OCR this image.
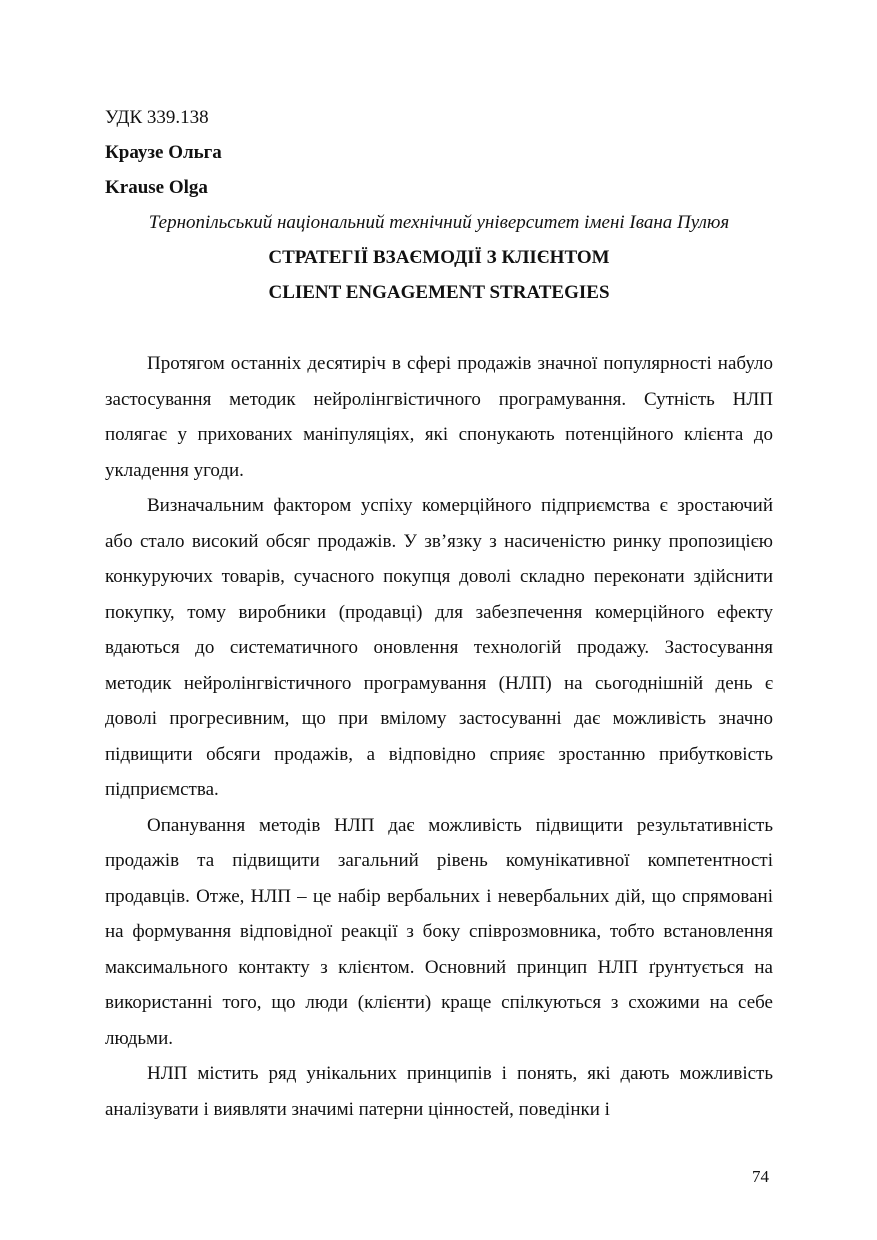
УДК 339.138

Краузе Ольга

Krause Olga

Тернопільський національний технічний університет імені Івана Пулюя

СТРАТЕГІЇ ВЗАЄМОДІЇ З КЛІЄНТОМ

CLIENT ENGAGEMENT STRATEGIES

Протягом останніх десятиріч в сфері продажів значної популярності набуло застосування методик нейролінгвістичного програмування. Сутність НЛП полягає у прихованих маніпуляціях, які спонукають потенційного клієнта до укладення угоди.

Визначальним фактором успіху комерційного підприємства є зростаючий або стало високий обсяг продажів. У зв’язку з насиченістю ринку пропозицією конкуруючих товарів, сучасного покупця доволі складно переконати здійснити покупку, тому виробники (продавці) для забезпечення комерційного ефекту вдаються до систематичного оновлення технологій продажу. Застосування методик нейролінгвістичного програмування (НЛП) на сьогоднішній день є доволі прогресивним, що при вмілому застосуванні дає можливість значно підвищити обсяги продажів, а відповідно сприяє зростанню прибутковість підприємства.

Опанування методів НЛП дає можливість підвищити результативність продажів та підвищити загальний рівень комунікативної компетентності продавців. Отже, НЛП – це набір вербальних і невербальних дій, що спрямовані на формування відповідної реакції з боку співрозмовника, тобто встановлення максимального контакту з клієнтом. Основний принцип НЛП ґрунтується на використанні того, що люди (клієнти) краще спілкуються з схожими на себе людьми.

НЛП містить ряд унікальних принципів і понять, які дають можливість аналізувати і виявляти значимі патерни цінностей, поведінки і

74
